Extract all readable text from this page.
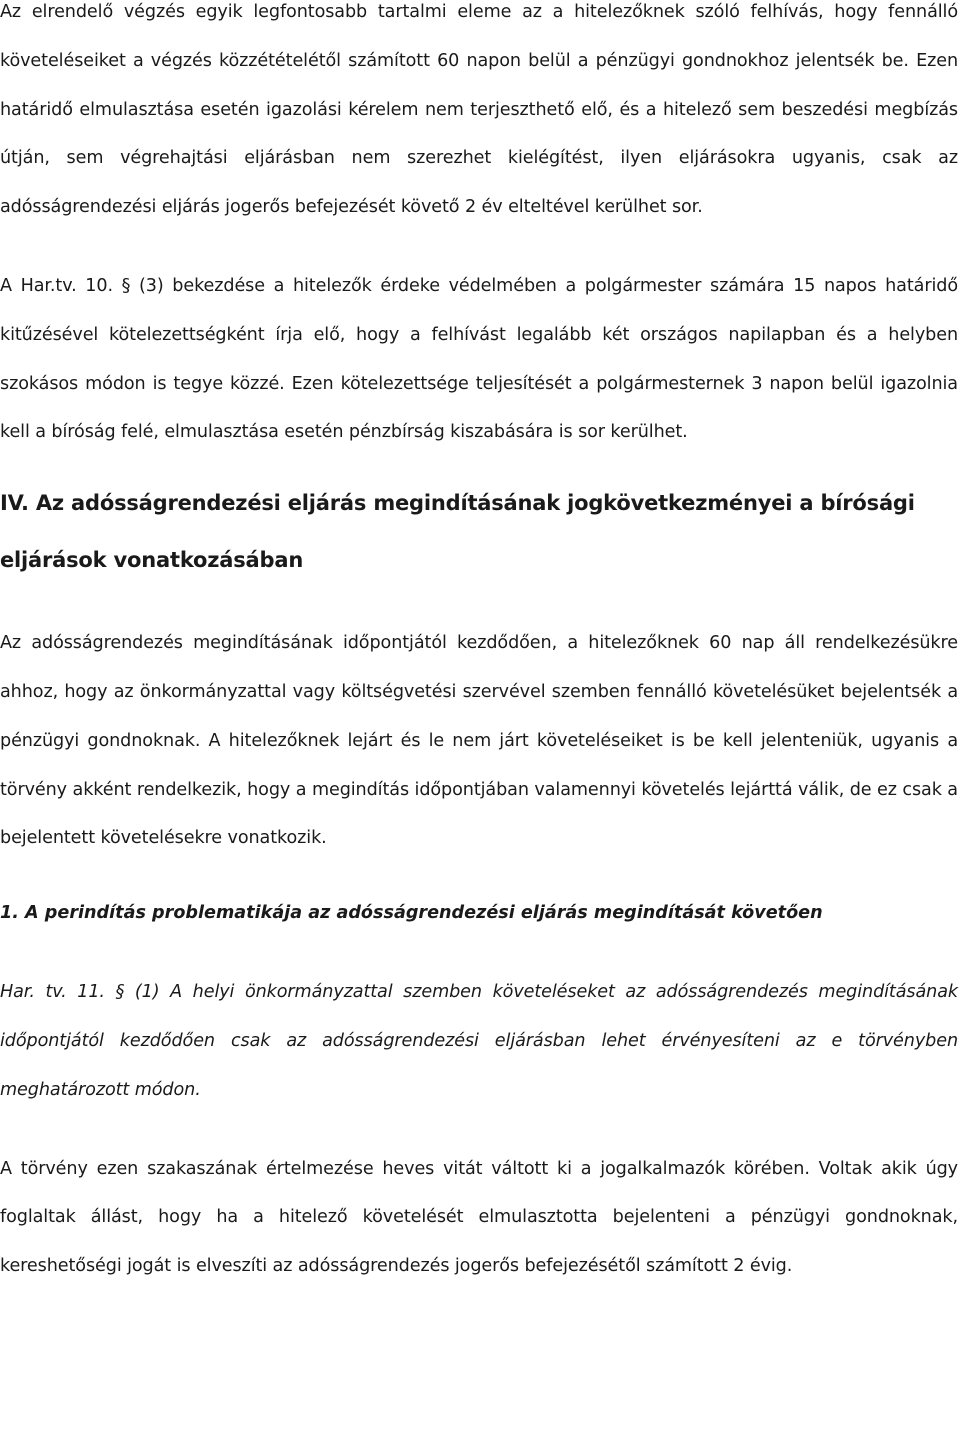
Az elrendelő végzés egyik legfontosabb tartalmi eleme az a hitelezőknek szóló felhívás, hogy fennálló követeléseiket a végzés közzétételétől számított 60 napon belül a pénzügyi gondnokhoz jelentsék be. Ezen határidő elmulasztása esetén igazolási kérelem nem terjeszthető elő, és a hitelező sem beszedési megbízás útján, sem végrehajtási eljárásban nem szerezhet kielégítést, ilyen eljárásokra ugyanis, csak az adósságrendezési eljárás jogerős befejezését követő 2 év elteltével kerülhet sor.

A Har.tv. 10. § (3) bekezdése a hitelezők érdeke védelmében a polgármester számára 15 napos határidő kitűzésével kötelezettségként írja elő, hogy a felhívást legalább két országos napilapban és a helyben szokásos módon is tegye közzé. Ezen kötelezettsége teljesítését a polgármesternek 3 napon belül igazolnia kell a bíróság felé, elmulasztása esetén pénzbírság kiszabására is sor kerülhet.

IV. Az adósságrendezési eljárás megindításának jogkövetkezményei a bírósági eljárások vonatkozásában

Az adósságrendezés megindításának időpontjától kezdődően, a hitelezőknek 60 nap áll rendelkezésükre ahhoz, hogy az önkormányzattal vagy költségvetési szervével szemben fennálló követelésüket bejelentsék a pénzügyi gondnoknak. A hitelezőknek lejárt és le nem járt követeléseiket is be kell jelenteniük, ugyanis a törvény akként rendelkezik, hogy a megindítás időpontjában valamennyi követelés lejárttá válik, de ez csak a bejelentett követelésekre vonatkozik.

1. A perindítás problematikája az adósságrendezési eljárás megindítását követően

Har. tv. 11. § (1) A helyi önkormányzattal szemben követeléseket az adósságrendezés megindításának időpontjától kezdődően csak az adósságrendezési eljárásban lehet érvényesíteni az e törvényben meghatározott módon.

A törvény ezen szakaszának értelmezése heves vitát váltott ki a jogalkalmazók körében. Voltak akik úgy foglaltak állást, hogy ha a hitelező követelését elmulasztotta bejelenteni a pénzügyi gondnoknak, kereshetőségi jogát is elveszíti az adósságrendezés jogerős befejezésétől számított 2 évig.
